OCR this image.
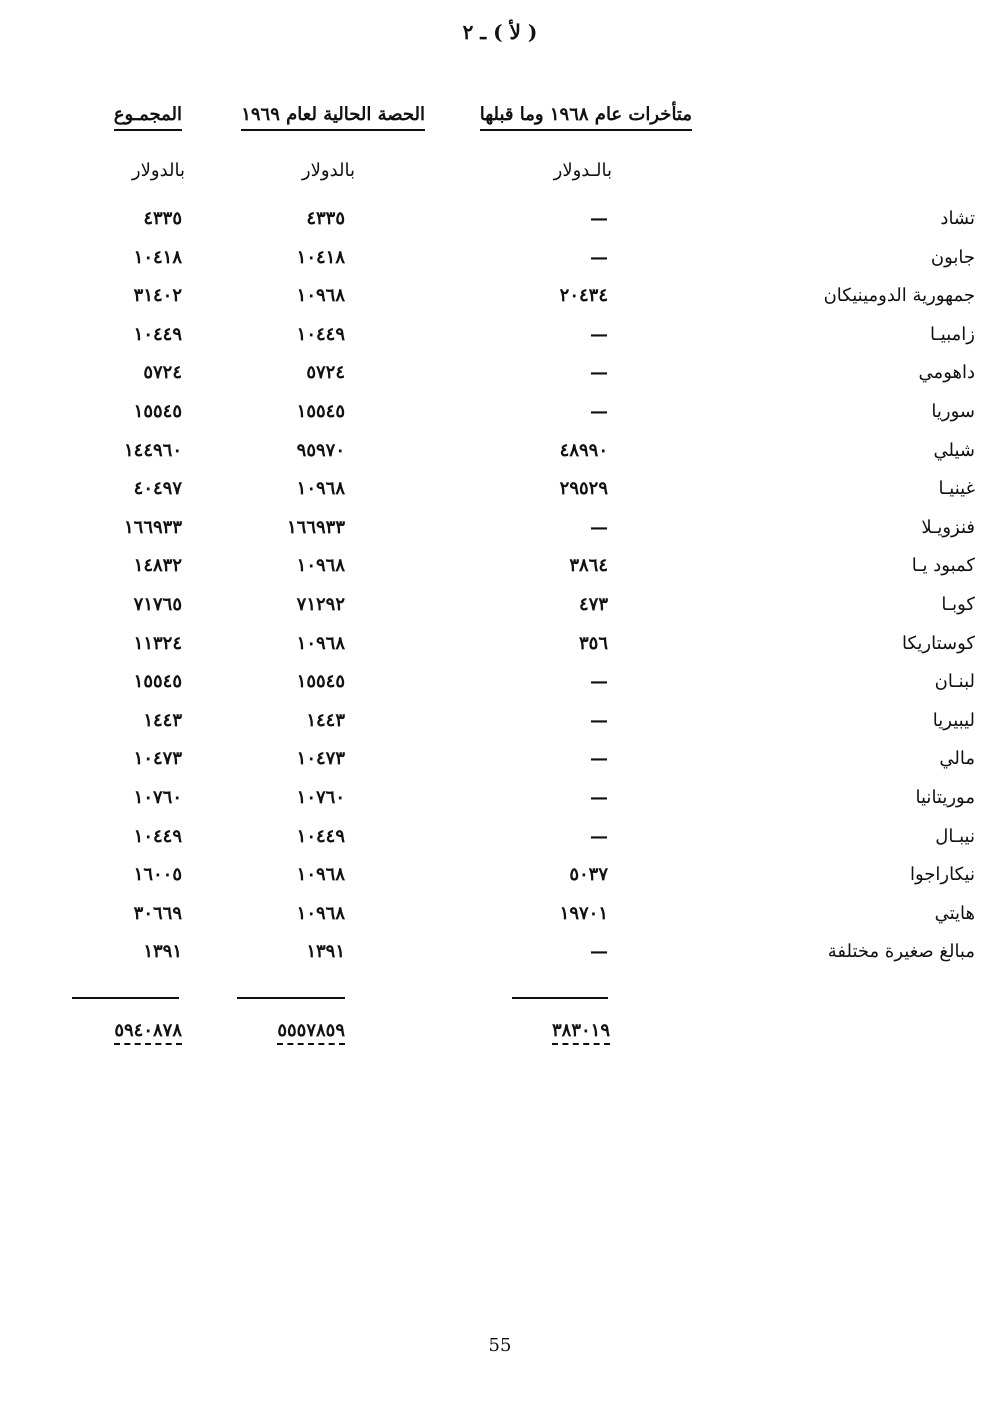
( ﻟﺄ ) ـ ٢
متأخرات عام ١٩٦٨ وما قبلها
الحصة الحالية لعام ١٩٦٩
المجمـوع
بالـدولار
بالدولار
بالدولار
تشاد
—
٤٣٣٥
٤٣٣٥
جابون
—
١٠٤١٨
١٠٤١٨
جمهورية الدومينيكان
٢٠٤٣٤
١٠٩٦٨
٣١٤٠٢
زامبيـا
—
١٠٤٤٩
١٠٤٤٩
داهومي
—
٥٧٢٤
٥٧٢٤
سوريا
—
١٥٥٤٥
١٥٥٤٥
شيلي
٤٨٩٩٠
٩٥٩٧٠
١٤٤٩٦٠
غينيـا
٢٩٥٢٩
١٠٩٦٨
٤٠٤٩٧
فنزويـلا
—
١٦٦٩٣٣
١٦٦٩٣٣
كمبود يـا
٣٨٦٤
١٠٩٦٨
١٤٨٣٢
كوبـا
٤٧٣
٧١٢٩٢
٧١٧٦٥
كوستاريكا
٣٥٦
١٠٩٦٨
١١٣٢٤
لبنـان
—
١٥٥٤٥
١٥٥٤٥
ليبيريا
—
١٤٤٣
١٤٤٣
مالي
—
١٠٤٧٣
١٠٤٧٣
موريتانيا
—
١٠٧٦٠
١٠٧٦٠
نيبـال
—
١٠٤٤٩
١٠٤٤٩
نيكاراجوا
٥٠٣٧
١٠٩٦٨
١٦٠٠٥
هايتي
١٩٧٠١
١٠٩٦٨
٣٠٦٦٩
مبالغ صغيرة مختلفة
—
١٣٩١
١٣٩١
٣٨٣٠١٩
٥٥٥٧٨٥٩
٥٩٤٠٨٧٨
55
